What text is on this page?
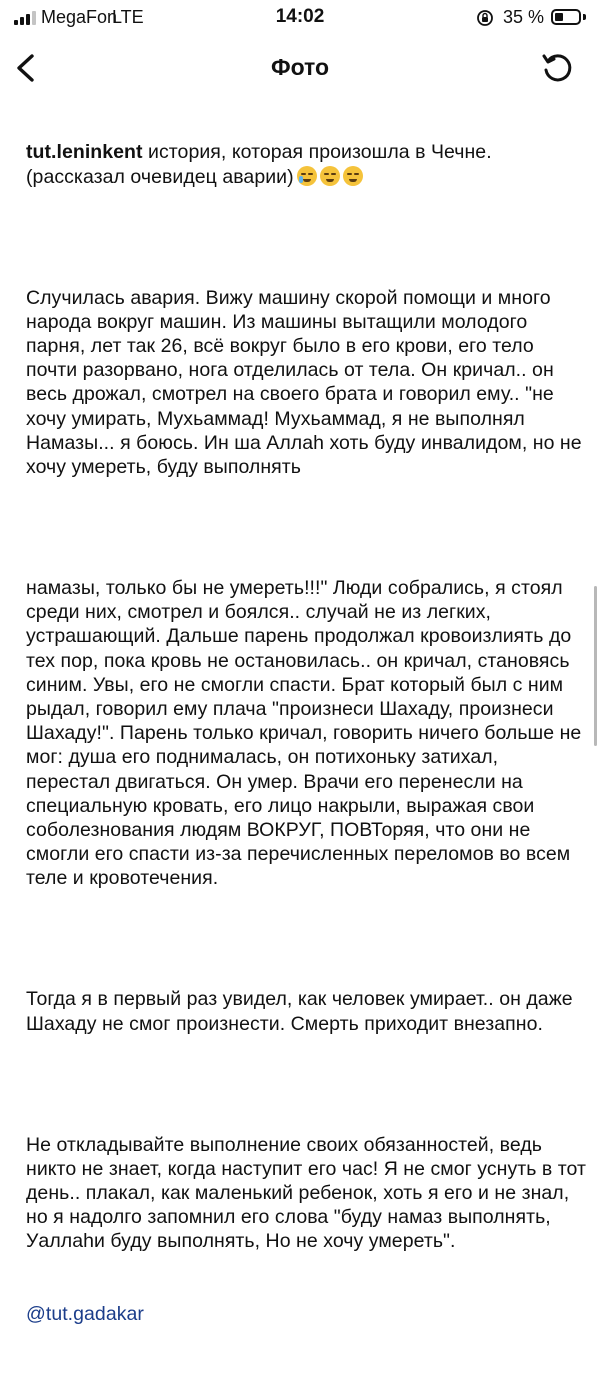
MegaFon
LTE	14:02	35 %
Фото

tut.leninkent история, которая произошла в Чечне. (рассказал очевидец аварии)

Случилась авария. Вижу машину скорой помощи и много народа вокруг машин. Из машины вытащили молодого парня, лет так 26, всё вокруг было в его крови, его тело почти разорвано, нога отделилась от тела. Он кричал.. он весь дрожал, смотрел на своего брата и говорил ему.. "не хочу умирать, Мухьаммад! Мухьаммад, я не выполнял Намазы... я боюсь. Ин ша Аллаh хоть буду инвалидом, но не хочу умереть, буду выполнять

намазы, только бы не умереть!!!" Люди собрались, я стоял среди них, смотрел и боялся.. случай не из легких, устрашающий. Дальше парень продолжал кровоизлиять до тех пор, пока кровь не остановилась.. он кричал, становясь синим. Увы, его не смогли спасти. Брат который был с ним рыдал, говорил ему плача "произнеси Шахаду, произнеси Шахаду!". Парень только кричал, говорить ничего больше не мог: душа его поднималась, он потихоньку затихал, перестал двигаться. Он умер. Врачи его перенесли на специальную кровать, его лицо накрыли, выражая свои соболезнования людям ВОКРУГ, ПОВТоряя, что они не смогли его спасти из-за перечисленных переломов во всем теле и кровотечения.

Тогда я в первый раз увидел, как человек умирает.. он даже Шахаду не смог произнести. Смерть приходит внезапно.

Не откладывайте выполнение своих обязанностей, ведь никто не знает, когда наступит его час! Я не смог уснуть в тот день.. плакал, как маленький ребенок, хоть я его и не знал, но я надолго запомнил его слова "буду намаз выполнять, Уаллаhи буду выполнять, Но не хочу умереть".

@tut.gadakar
